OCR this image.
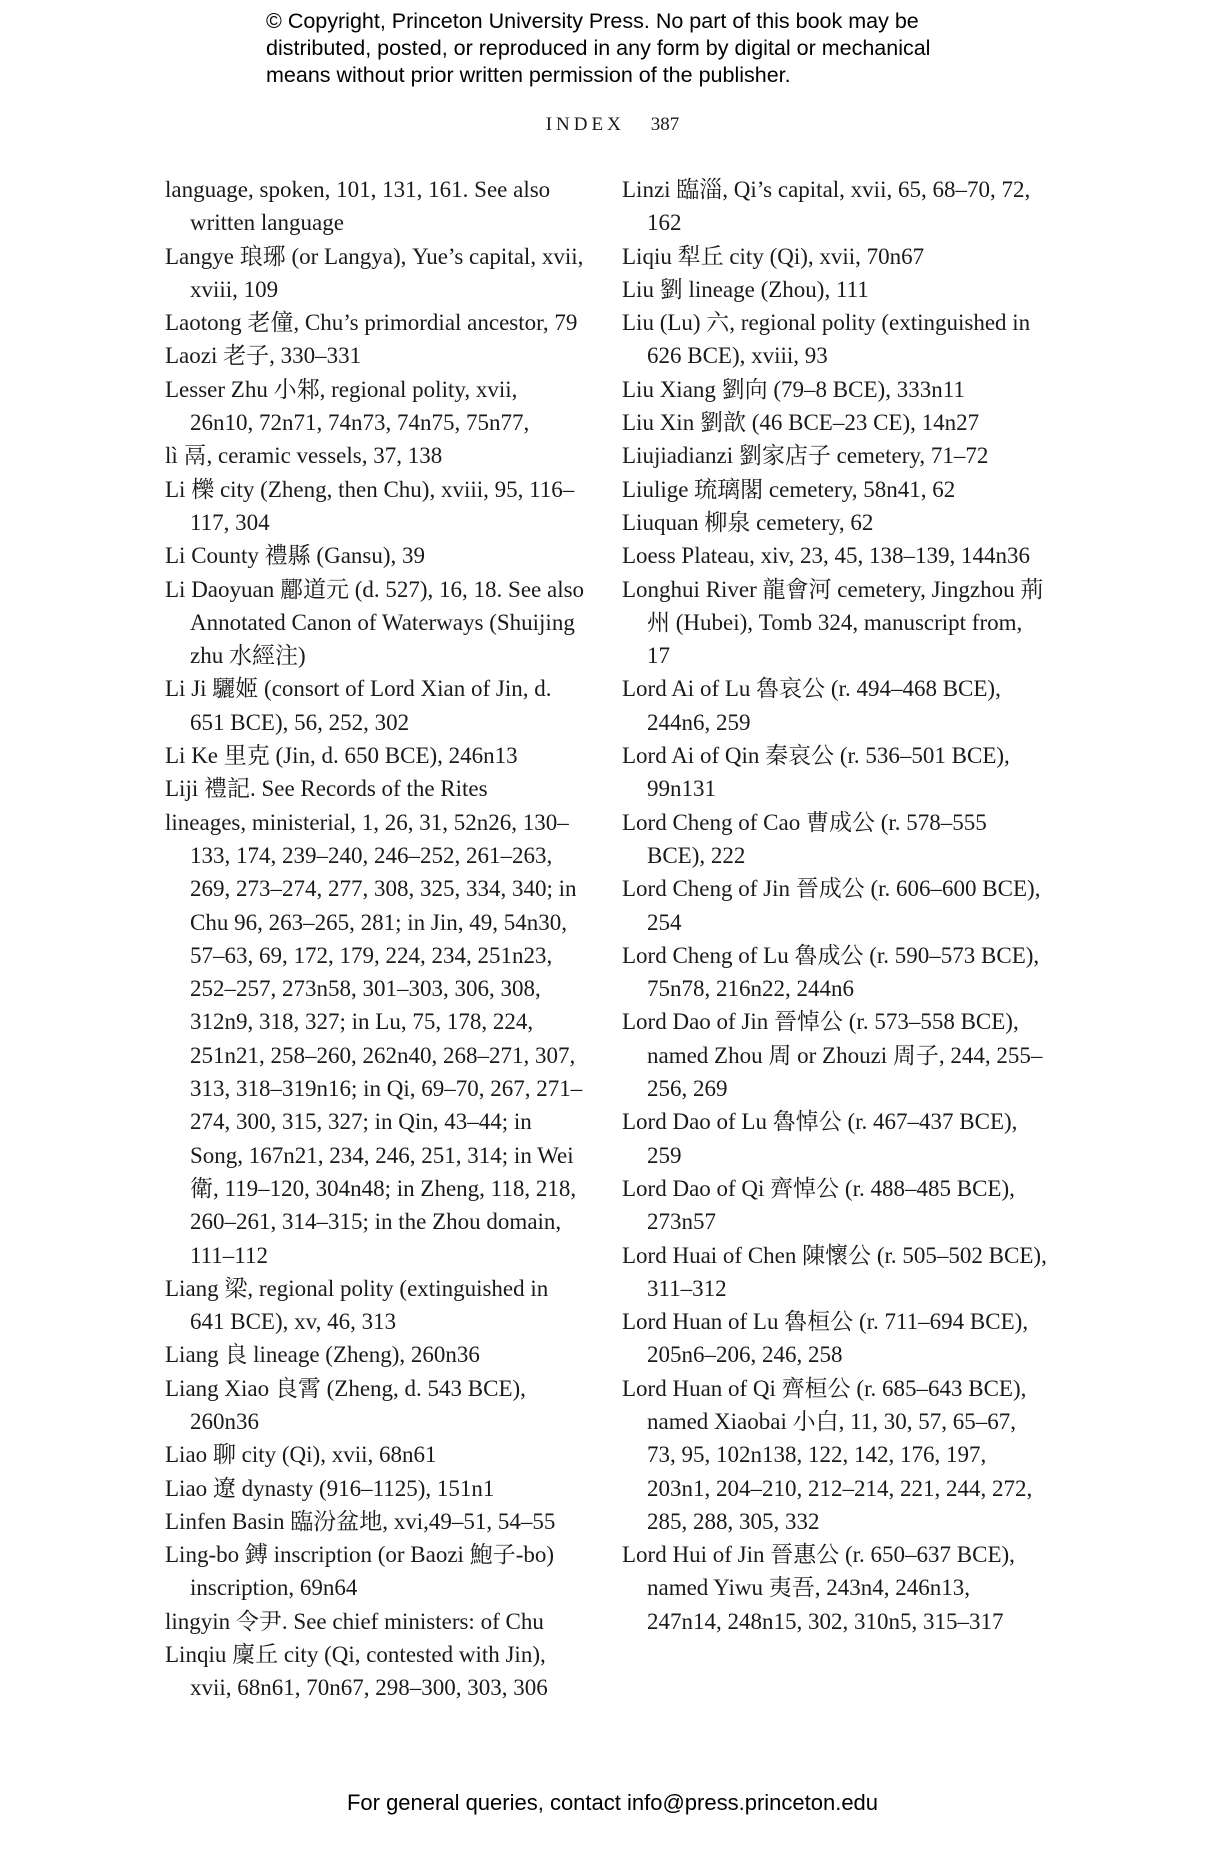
© Copyright, Princeton University Press. No part of this book may be distributed, posted, or reproduced in any form by digital or mechanical means without prior written permission of the publisher.
INDEX 387

language, spoken, 101, 131, 161. See also written language

Langye 琅琊 (or Langya), Yue’s capital, xvii, xviii, 109

Laotong 老僮, Chu’s primordial ancestor, 79

Laozi 老子, 330–331

Lesser Zhu 小邾, regional polity, xvii, 26n10, 72n71, 74n73, 74n75, 75n77,

lì 鬲, ceramic vessels, 37, 138

Li 櫟 city (Zheng, then Chu), xviii, 95, 116–117, 304

Li County 禮縣 (Gansu), 39

Li Daoyuan 酈道元 (d. 527), 16, 18. See also Annotated Canon of Waterways (Shuijing zhu 水經注)

Li Ji 驪姬 (consort of Lord Xian of Jin, d. 651 BCE), 56, 252, 302

Li Ke 里克 (Jin, d. 650 BCE), 246n13

Liji 禮記. See Records of the Rites

lineages, ministerial, 1, 26, 31, 52n26, 130–133, 174, 239–240, 246–252, 261–263, 269, 273–274, 277, 308, 325, 334, 340; in Chu 96, 263–265, 281; in Jin, 49, 54n30, 57–63, 69, 172, 179, 224, 234, 251n23, 252–257, 273n58, 301–303, 306, 308, 312n9, 318, 327; in Lu, 75, 178, 224, 251n21, 258–260, 262n40, 268–271, 307, 313, 318–319n16; in Qi, 69–70, 267, 271–274, 300, 315, 327; in Qin, 43–44; in Song, 167n21, 234, 246, 251, 314; in Wei 衛, 119–120, 304n48; in Zheng, 118, 218, 260–261, 314–315; in the Zhou domain, 111–112

Liang 梁, regional polity (extinguished in 641 BCE), xv, 46, 313

Liang 良 lineage (Zheng), 260n36

Liang Xiao 良霄 (Zheng, d. 543 BCE), 260n36

Liao 聊 city (Qi), xvii, 68n61

Liao 遼 dynasty (916–1125), 151n1

Linfen Basin 臨汾盆地, xvi,49–51, 54–55

Ling-bo 鎛 inscription (or Baozi 鮑子-bo) inscription, 69n64

lingyin 令尹. See chief ministers: of Chu

Linqiu 廩丘 city (Qi, contested with Jin), xvii, 68n61, 70n67, 298–300, 303, 306

Linzi 臨淄, Qi’s capital, xvii, 65, 68–70, 72, 162

Liqiu 犁丘 city (Qi), xvii, 70n67

Liu 劉 lineage (Zhou), 111

Liu (Lu) 六, regional polity (extinguished in 626 BCE), xviii, 93

Liu Xiang 劉向 (79–8 BCE), 333n11

Liu Xin 劉歆 (46 BCE–23 CE), 14n27

Liujiadianzi 劉家店子 cemetery, 71–72

Liulige 琉璃閣 cemetery, 58n41, 62

Liuquan 柳泉 cemetery, 62

Loess Plateau, xiv, 23, 45, 138–139, 144n36

Longhui River 龍會河 cemetery, Jingzhou 荊州 (Hubei), Tomb 324, manuscript from, 17

Lord Ai of Lu 魯哀公 (r. 494–468 BCE), 244n6, 259

Lord Ai of Qin 秦哀公 (r. 536–501 BCE), 99n131

Lord Cheng of Cao 曹成公 (r. 578–555 BCE), 222

Lord Cheng of Jin 晉成公 (r. 606–600 BCE), 254

Lord Cheng of Lu 魯成公 (r. 590–573 BCE), 75n78, 216n22, 244n6

Lord Dao of Jin 晉悼公 (r. 573–558 BCE), named Zhou 周 or Zhouzi 周子, 244, 255–256, 269

Lord Dao of Lu 魯悼公 (r. 467–437 BCE), 259

Lord Dao of Qi 齊悼公 (r. 488–485 BCE), 273n57

Lord Huai of Chen 陳懷公 (r. 505–502 BCE), 311–312

Lord Huan of Lu 魯桓公 (r. 711–694 BCE), 205n6–206, 246, 258

Lord Huan of Qi 齊桓公 (r. 685–643 BCE), named Xiaobai 小白, 11, 30, 57, 65–67, 73, 95, 102n138, 122, 142, 176, 197, 203n1, 204–210, 212–214, 221, 244, 272, 285, 288, 305, 332

Lord Hui of Jin 晉惠公 (r. 650–637 BCE), named Yiwu 夷吾, 243n4, 246n13, 247n14, 248n15, 302, 310n5, 315–317

For general queries, contact info@press.princeton.edu
